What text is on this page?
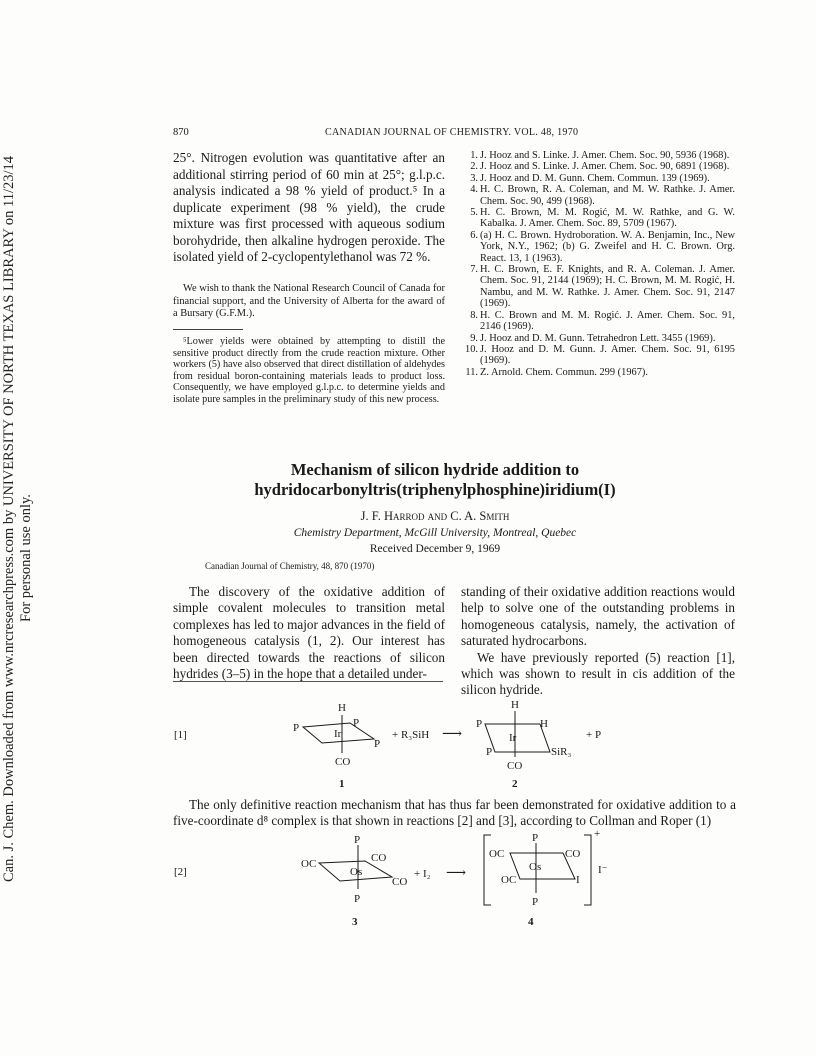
Can. J. Chem. Downloaded from www.nrcresearchpress.com by UNIVERSITY OF NORTH TEXAS LIBRARY on 11/23/14 For personal use only.
870	CANADIAN JOURNAL OF CHEMISTRY. VOL. 48, 1970
25°. Nitrogen evolution was quantitative after an additional stirring period of 60 min at 25°; g.l.p.c. analysis indicated a 98 % yield of product.⁵ In a duplicate experiment (98 % yield), the crude mixture was first processed with aqueous sodium borohydride, then alkaline hydrogen peroxide. The isolated yield of 2-cyclopentylethanol was 72 %.
We wish to thank the National Research Council of Canada for financial support, and the University of Alberta for the award of a Bursary (G.F.M.).
⁵Lower yields were obtained by attempting to distill the sensitive product directly from the crude reaction mixture. Other workers (5) have also observed that direct distillation of aldehydes from residual boron-containing materials leads to product loss. Consequently, we have employed g.l.p.c. to determine yields and isolate pure samples in the preliminary study of this new process.
1. J. Hooz and S. Linke. J. Amer. Chem. Soc. 90, 5936 (1968).
2. J. Hooz and S. Linke. J. Amer. Chem. Soc. 90, 6891 (1968).
3. J. Hooz and D. M. Gunn. Chem. Commun. 139 (1969).
4. H. C. Brown, R. A. Coleman, and M. W. Rathke. J. Amer. Chem. Soc. 90, 499 (1968).
5. H. C. Brown, M. M. Rogić, M. W. Rathke, and G. W. Kabalka. J. Amer. Chem. Soc. 89, 5709 (1967).
6. (a) H. C. Brown. Hydroboration. W. A. Benjamin, Inc., New York, N.Y., 1962; (b) G. Zweifel and H. C. Brown. Org. React. 13, 1 (1963).
7. H. C. Brown, E. F. Knights, and R. A. Coleman. J. Amer. Chem. Soc. 91, 2144 (1969); H. C. Brown, M. M. Rogić, H. Nambu, and M. W. Rathke. J. Amer. Chem. Soc. 91, 2147 (1969).
8. H. C. Brown and M. M. Rogić. J. Amer. Chem. Soc. 91, 2146 (1969).
9. J. Hooz and D. M. Gunn. Tetrahedron Lett. 3455 (1969).
10. J. Hooz and D. M. Gunn. J. Amer. Chem. Soc. 91, 6195 (1969).
11. Z. Arnold. Chem. Commun. 299 (1967).
Mechanism of silicon hydride addition to
hydridocarbonyltris(triphenylphosphine)iridium(I)
J. F. Harrod and C. A. Smith
Chemistry Department, McGill University, Montreal, Quebec
Received December 9, 1969
Canadian Journal of Chemistry, 48, 870 (1970)
The discovery of the oxidative addition of simple covalent molecules to transition metal complexes has led to major advances in the field of homogeneous catalysis (1, 2). Our interest has been directed towards the reactions of silicon hydrides (3–5) in the hope that a detailed under-

standing of their oxidative addition reactions would help to solve one of the outstanding problems in homogeneous catalysis, namely, the activation of saturated hydrocarbons.

We have previously reported (5) reaction [1], which was shown to result in cis addition of the silicon hydride.

[1]
H
P
P
P
Ir
CO
1
+ R₃SiH ⟶
H
P	H
P	SiR₃
Ir
CO
2
+ P
The only definitive reaction mechanism that has thus far been demonstrated for oxidative addition to a five-coordinate d⁸ complex is that shown in reactions [2] and [3], according to Collman and Roper (1)
[2]
P
CO
OC
CO
Os
P
3
+ I₂ ⟶
P
OC	CO
OC	I
Os
P
+
I⁻
4
